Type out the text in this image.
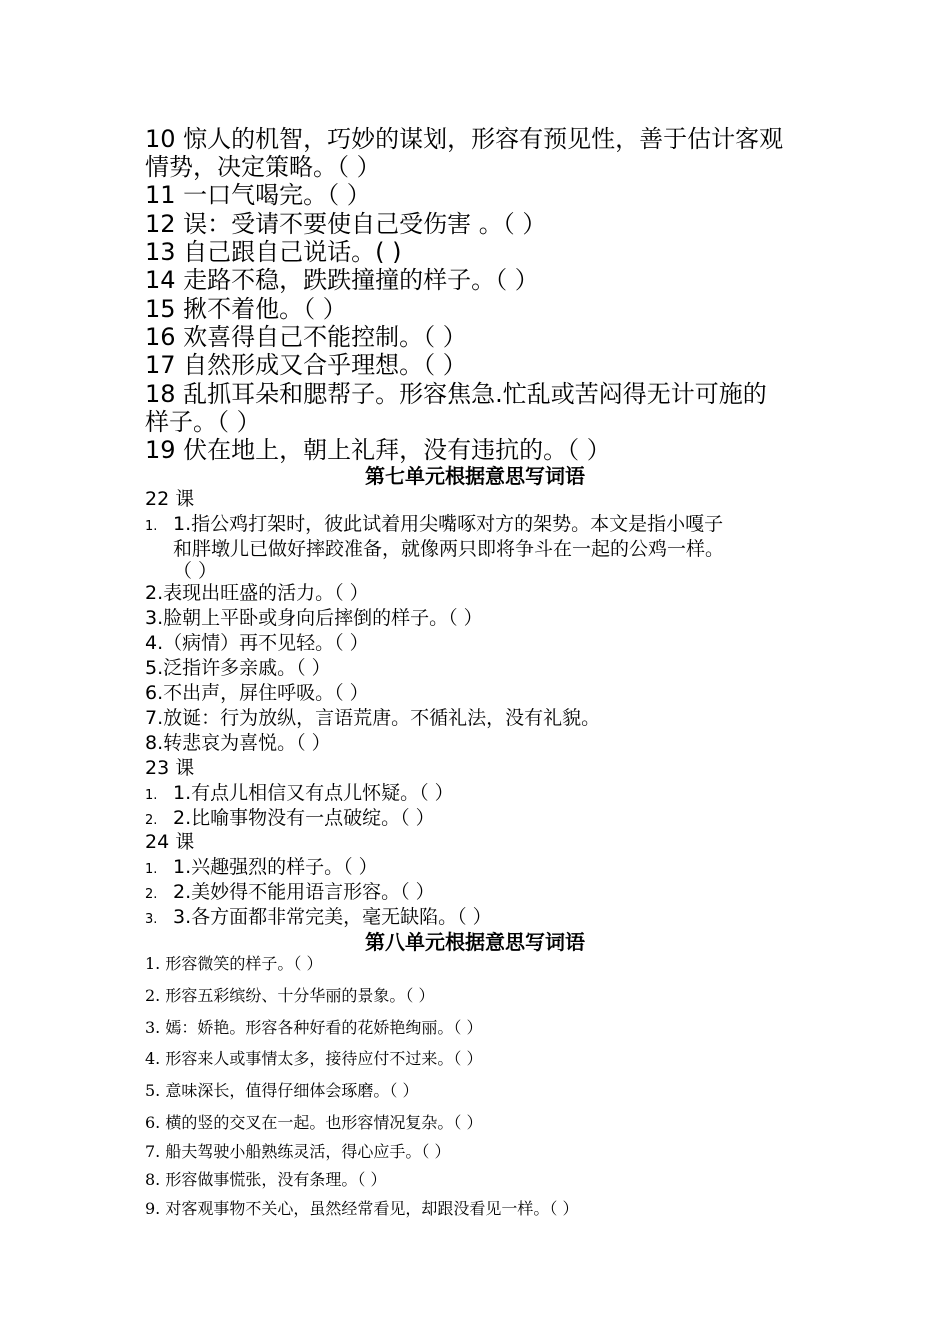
10 惊人的机智，巧妙的谋划，形容有预见性，善于估计客观
情势，决定策略。（ ）
11 一口气喝完。（ ）
12 误：受请不要使自己受伤害 。（ ）
13 自己跟自己说话。( )
14 走路不稳，跌跌撞撞的样子。（ ）
15 揪不着他。（ ）
16 欢喜得自己不能控制。（ ）
17 自然形成又合乎理想。（ ）
18 乱抓耳朵和腮帮子。形容焦急.忙乱或苦闷得无计可施的
样子。（ ）
19 伏在地上，朝上礼拜，没有违抗的。（ ）
第七单元根据意思写词语
22 课
1. 1.指公鸡打架时，彼此试着用尖嘴啄对方的架势。本文是指小嘎子
和胖墩儿已做好摔跤准备，就像两只即将争斗在一起的公鸡一样。
（ ）
2.表现出旺盛的活力。（ ）
3.脸朝上平卧或身向后摔倒的样子。（ ）
4.（病情）再不见轻。（ ）
5.泛指许多亲戚。（ ）
6.不出声，屏住呼吸。（ ）
7.放诞：行为放纵，言语荒唐。不循礼法，没有礼貌。
8.转悲哀为喜悦。（ ）
23 课
1. 1.有点儿相信又有点儿怀疑。（ ）
2. 2.比喻事物没有一点破绽。（ ）
24 课
1. 1.兴趣强烈的样子。（ ）
2. 2.美妙得不能用语言形容。（ ）
3. 3.各方面都非常完美，毫无缺陷。（ ）
第八单元根据意思写词语
1. 形容微笑的样子。（ ）
2. 形容五彩缤纷、十分华丽的景象。（ ）
3. 嫣：娇艳。形容各种好看的花娇艳绚丽。（ ）
4. 形容来人或事情太多，接待应付不过来。（ ）
5. 意味深长，值得仔细体会琢磨。（ ）
6. 横的竖的交叉在一起。也形容情况复杂。（ ）
7. 船夫驾驶小船熟练灵活，得心应手。（ ）
8. 形容做事慌张，没有条理。（ ）
9. 对客观事物不关心，虽然经常看见，却跟没看见一样。（ ）
